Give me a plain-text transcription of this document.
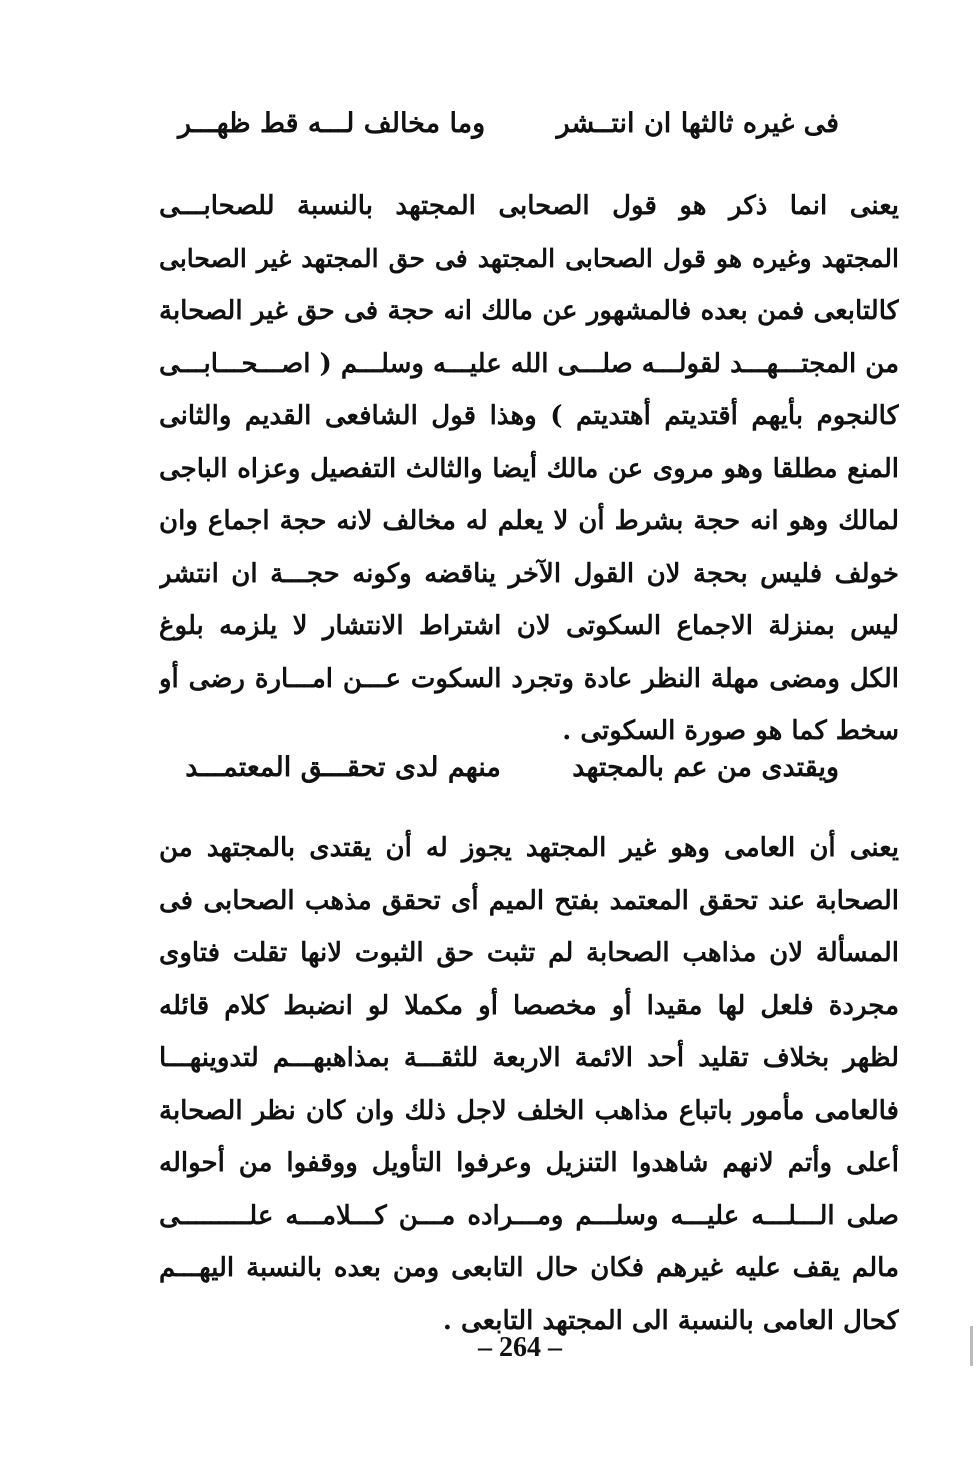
فى غيره ثالثها ان انتــشر وما مخالف لـــه قط ظهـــر
يعنى انما ذكر هو قول الصحابى المجتهد بالنسبة للصحابـــى
المجتهد وغيره هو قول الصحابى المجتهد فى حق المجتهد غير الصحابى
كالتابعى فمن بعده فالمشهور عن مالك انه حجة فى حق غير الصحابة
من المجتـــهـــد لقولـــه صلـــى الله عليـــه وسلـــم ( اصـــحـــابـــى
كالنجوم بأيهم أقتديتم أهتديتم ) وهذا قول الشافعى القديم والثانى
المنع مطلقا وهو مروى عن مالك أيضا والثالث التفصيل وعزاه الباجى
لمالك وهو انه حجة بشرط أن لا يعلم له مخالف لانه حجة اجماع وان
خولف فليس بحجة لان القول الآخر يناقضه وكونه حجـــة ان انتشر
ليس بمنزلة الاجماع السكوتى لان اشتراط الانتشار لا يلزمه بلوغ
الكل ومضى مهلة النظر عادة وتجرد السكوت عـــن امـــارة رضى أو
سخط كما هو صورة السكوتى .
ويقتدى من عم بالمجتهد منهم لدى تحقـــق المعتمـــد
يعنى أن العامى وهو غير المجتهد يجوز له أن يقتدى بالمجتهد من
الصحابة عند تحقق المعتمد بفتح الميم أى تحقق مذهب الصحابى فى
المسألة لان مذاهب الصحابة لم تثبت حق الثبوت لانها تقلت فتاوى
مجردة فلعل لها مقيدا أو مخصصا أو مكملا لو انضبط كلام قائله
لظهر بخلاف تقليد أحد الائمة الاربعة للثقـــة بمذاهبهـــم لتدوينهـــا
فالعامى مأمور باتباع مذاهب الخلف لاجل ذلك وان كان نظر الصحابة
أعلى وأتم لانهم شاهدوا التنزيل وعرفوا التأويل ووقفوا من أحواله
صلى الـــلـــه عليـــه وسلـــم ومـــراده مـــن كـــلامـــه علـــــــــى
مالم يقف عليه غيرهم فكان حال التابعى ومن بعده بالنسبة اليهـــم
كحال العامى بالنسبة الى المجتهد التابعى .
– 264 –
